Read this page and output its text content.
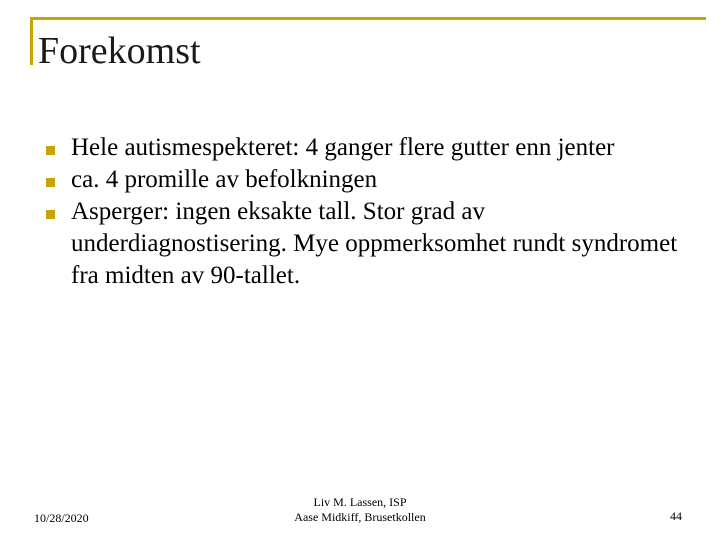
Forekomst
Hele autismespekteret: 4 ganger flere gutter enn jenter
ca. 4 promille av befolkningen
Asperger: ingen eksakte tall. Stor grad av underdiagnostisering. Mye oppmerksomhet rundt syndromet fra midten av 90-tallet.
10/28/2020
Liv M. Lassen, ISP
Aase Midkiff, Brusetkollen	44
